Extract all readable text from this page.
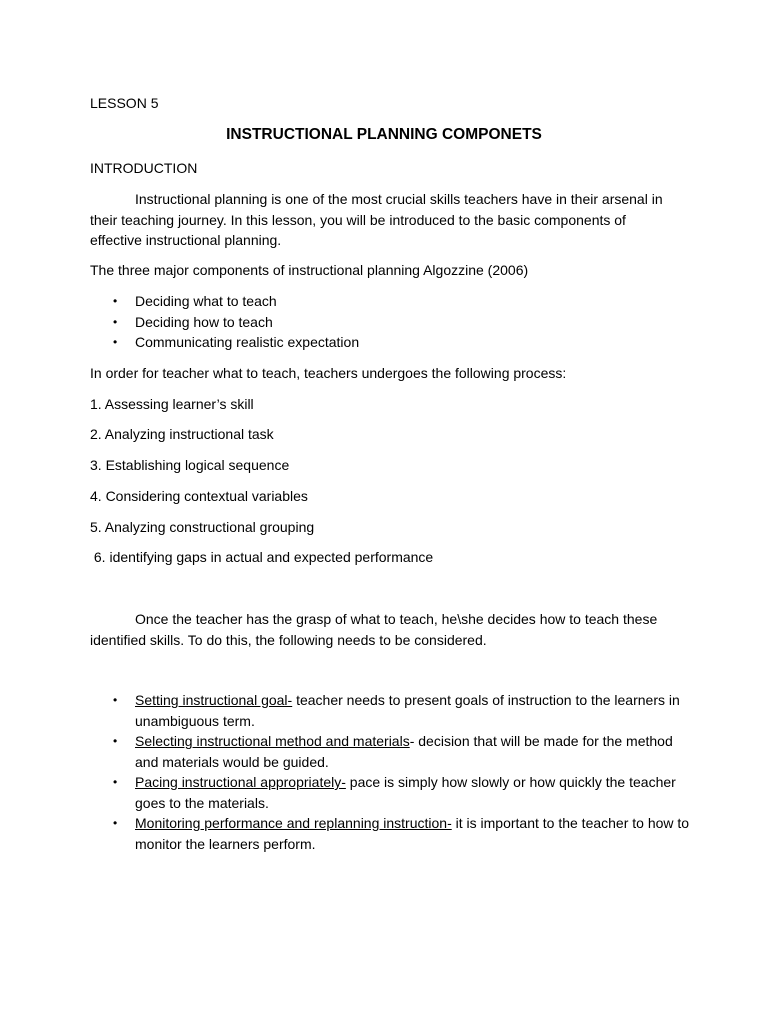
LESSON 5
INSTRUCTIONAL PLANNING COMPONETS
INTRODUCTION
Instructional planning is one of the most crucial skills teachers have in their arsenal in their teaching journey. In this lesson, you will be introduced to the basic components of effective instructional planning.
The three major components of instructional planning Algozzine (2006)
• Deciding what to teach
• Deciding how to teach
• Communicating realistic expectation
In order for teacher what to teach, teachers undergoes the following process:
1. Assessing learner’s skill
2. Analyzing instructional task
3. Establishing logical sequence
4. Considering contextual variables
5. Analyzing constructional grouping
6. identifying gaps in actual and expected performance
Once the teacher has the grasp of what to teach, he\she decides how to teach these identified skills. To do this, the following needs to be considered.
• Setting instructional goal- teacher needs to present goals of instruction to the learners in unambiguous term.
• Selecting instructional method and materials- decision that will be made for the method and materials would be guided.
• Pacing instructional appropriately- pace is simply how slowly or how quickly the teacher goes to the materials.
• Monitoring performance and replanning instruction- it is important to the teacher to how to monitor the learners perform.
